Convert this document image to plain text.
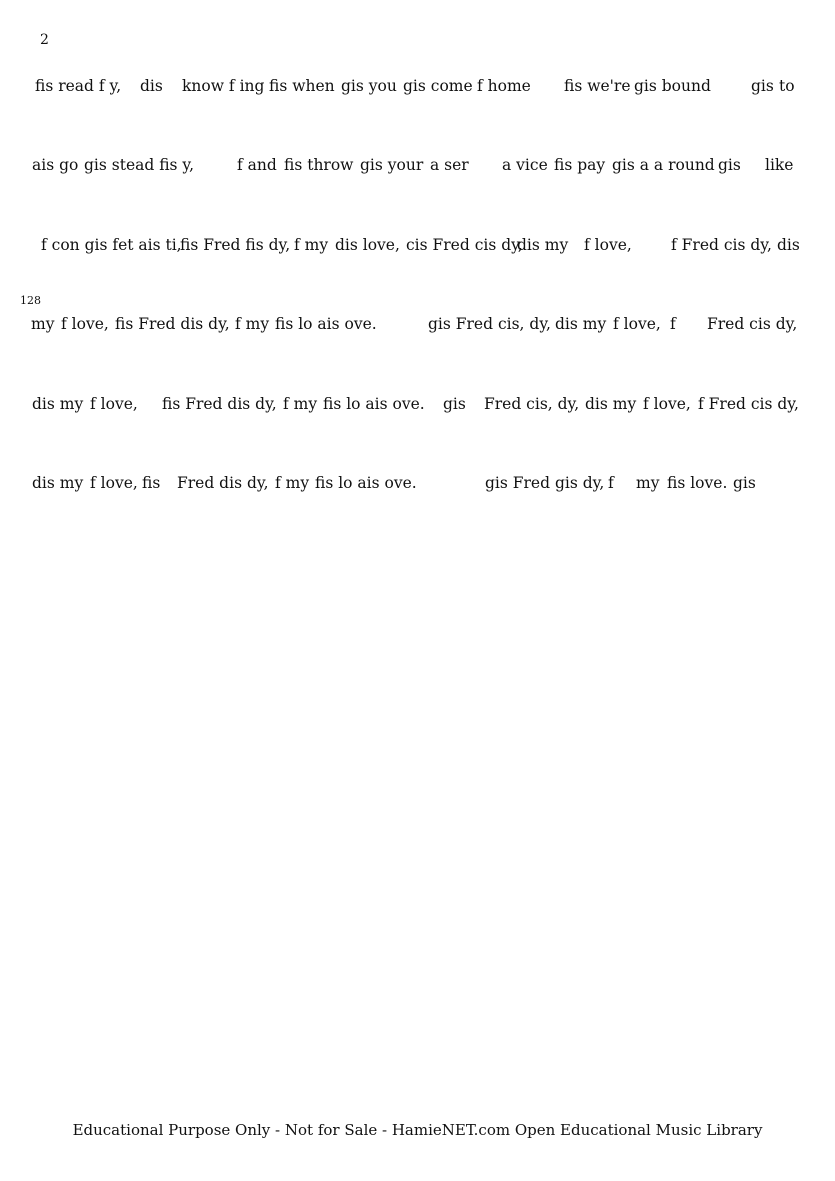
2
128
fis read f y, dis know f ing fis when gis you gis come f home fis we're gis bound	gis to
ais go gis stead fis y,	f and fis throw gis your a ser a vice fis pay gis a a round gis like
f con gis fet ais ti,
fis Fred fis dy, f my dis love, cis Fred cis dy,
dis my f love,	f Fred cis dy, dis
my f love, fis Fred dis dy, f my fis lo ais ove.	gis Fred cis, dy, dis my f love, f Fred cis dy,
dis my f love, fis Fred dis dy, f my fis lo ais ove. gis Fred cis, dy, dis my f love, f Fred cis dy,
dis my f love, fis Fred dis dy, f my fis lo ais ove.	gis Fred gis dy, f my fis love. gis
Educational Purpose Only - Not for Sale - HamieNET.com Open Educational Music Library
